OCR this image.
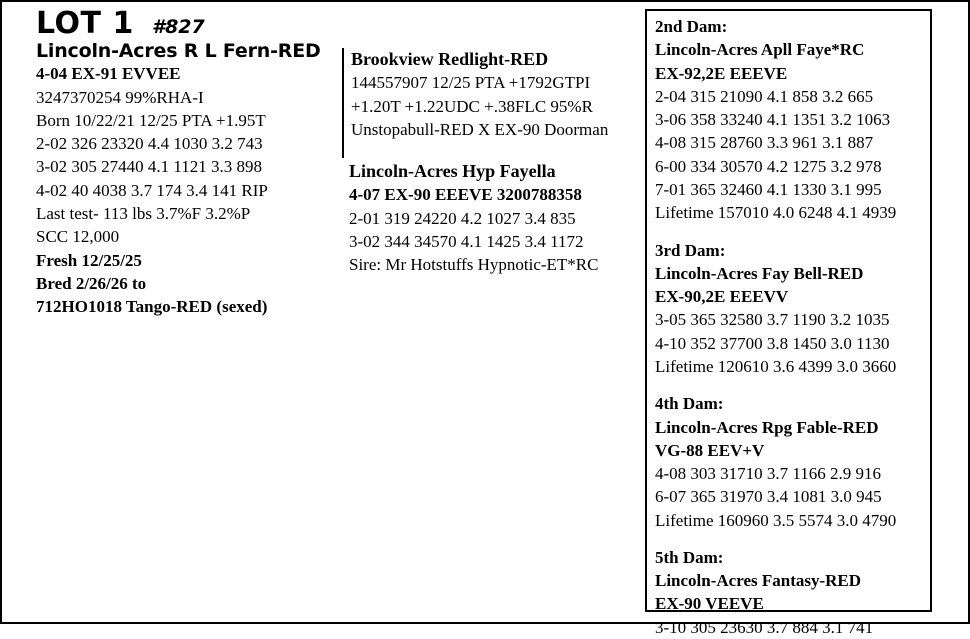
LOT 1 #827
Lincoln-Acres R L Fern-RED
4-04 EX-91 EVVEE
3247370254 99%RHA-I
Born 10/22/21 12/25 PTA +1.95T
2-02 326 23320 4.4 1030 3.2 743
3-02 305 27440 4.1 1121 3.3 898
4-02 40 4038 3.7 174 3.4 141 RIP
Last test- 113 lbs 3.7%F 3.2%P
SCC 12,000
Fresh 12/25/25
Bred 2/26/26 to
712HO1018 Tango-RED (sexed)
Brookview Redlight-RED
144557907 12/25 PTA +1792GTPI
+1.20T +1.22UDC +.38FLC 95%R
Unstopabull-RED X EX-90 Doorman
Lincoln-Acres Hyp Fayella
4-07 EX-90 EEEVE 3200788358
2-01 319 24220 4.2 1027 3.4 835
3-02 344 34570 4.1 1425 3.4 1172
Sire: Mr Hotstuffs Hypnotic-ET*RC
2nd Dam:
Lincoln-Acres Apll Faye*RC
EX-92,2E EEEVE
2-04 315 21090 4.1 858 3.2 665
3-06 358 33240 4.1 1351 3.2 1063
4-08 315 28760 3.3 961 3.1 887
6-00 334 30570 4.2 1275 3.2 978
7-01 365 32460 4.1 1330 3.1 995
Lifetime 157010 4.0 6248 4.1 4939
3rd Dam:
Lincoln-Acres Fay Bell-RED
EX-90,2E EEEVV
3-05 365 32580 3.7 1190 3.2 1035
4-10 352 37700 3.8 1450 3.0 1130
Lifetime 120610 3.6 4399 3.0 3660
4th Dam:
Lincoln-Acres Rpg Fable-RED
VG-88 EEV+V
4-08 303 31710 3.7 1166 2.9 916
6-07 365 31970 3.4 1081 3.0 945
Lifetime 160960 3.5 5574 3.0 4790
5th Dam:
Lincoln-Acres Fantasy-RED
EX-90 VEEVE
3-10 305 23630 3.7 884 3.1 741
